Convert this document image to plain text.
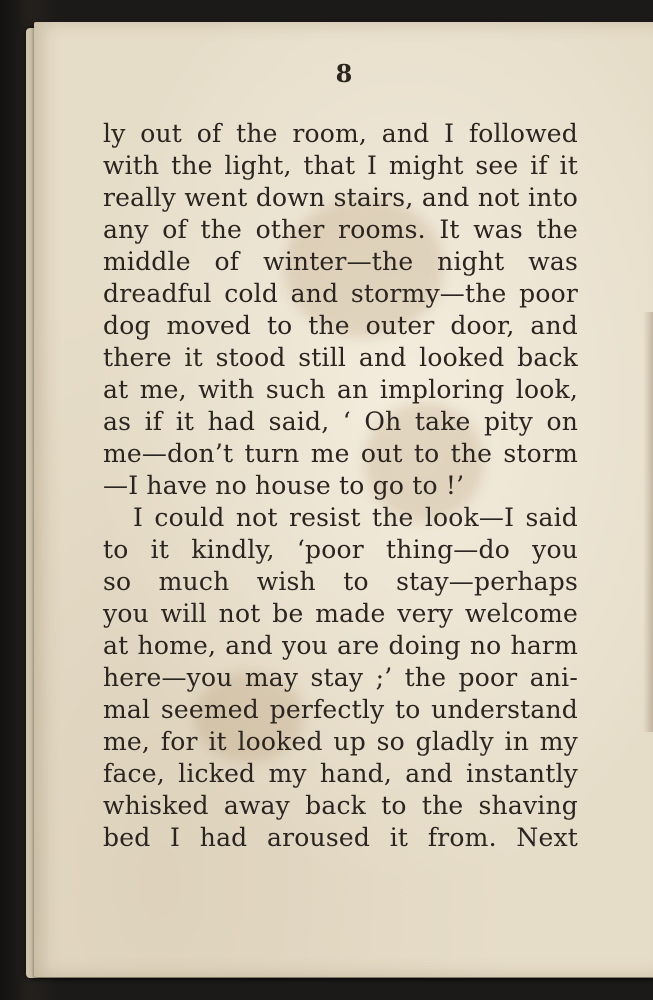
8
ly out of the room, and I followed
with the light, that I might see if it
really went down stairs, and not into
any of the other rooms. It was the
middle of winter—the night was
dreadful cold and stormy—the poor
dog moved to the outer door, and
there it stood still and looked back
at me, with such an imploring look,
as if it had said, ‘ Oh take pity on
me—don’t turn me out to the storm
—I have no house to go to !’
I could not resist the look—I said
to it kindly, ‘poor thing—do you
so much wish to stay—perhaps
you will not be made very welcome
at home, and you are doing no harm
here—you may stay ;’ the poor ani-
mal seemed perfectly to understand
me, for it looked up so gladly in my
face, licked my hand, and instantly
whisked away back to the shaving
bed I had aroused it from. Next
